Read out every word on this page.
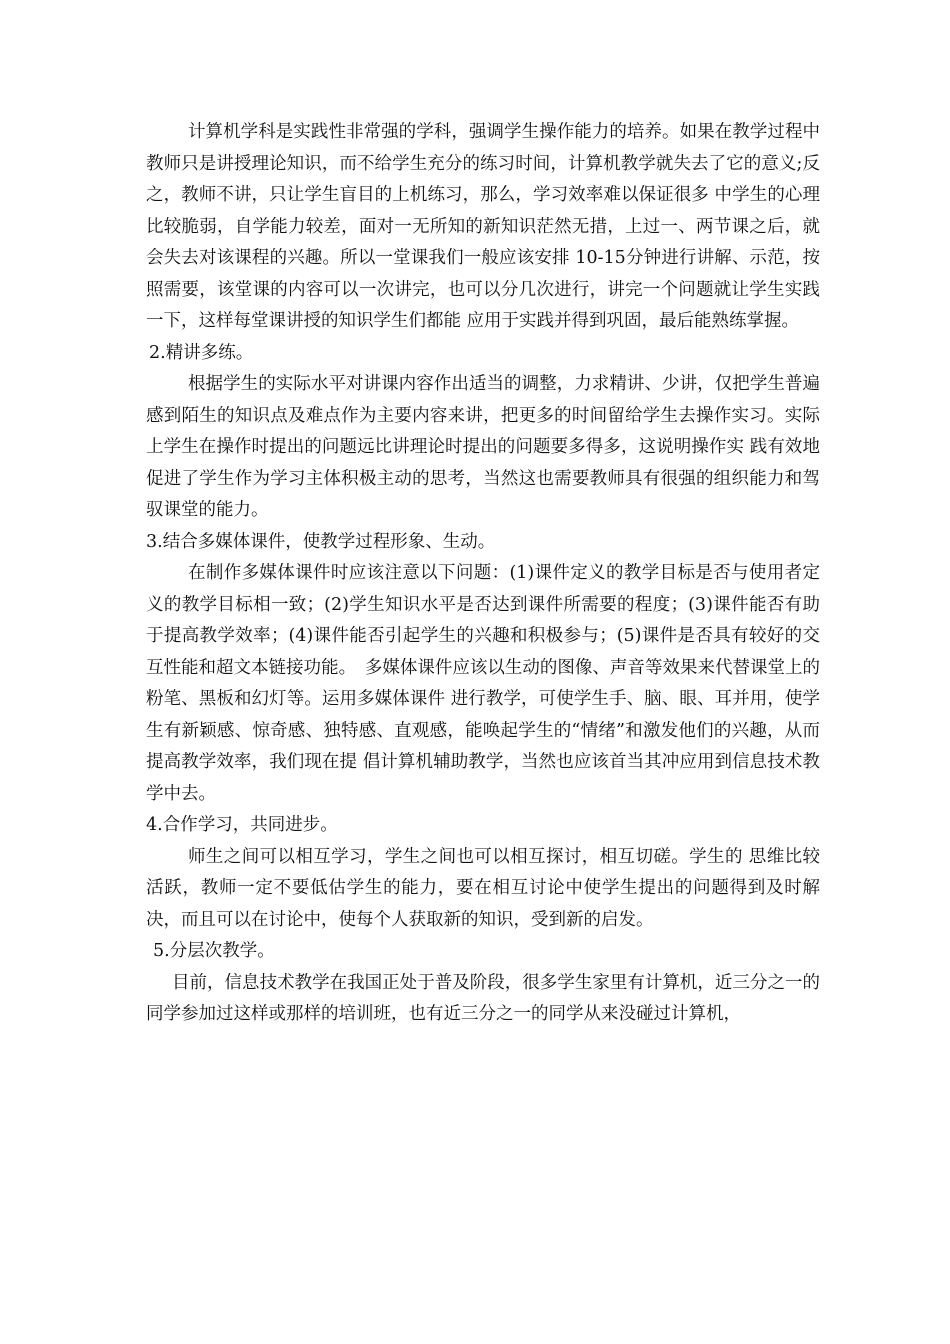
计算机学科是实践性非常强的学科，强调学生操作能力的培养。如果在教学过程中 教师只是讲授理论知识，而不给学生充分的练习时间，计算机教学就失去了它的意义;反之，教师不讲，只让学生盲目的上机练习，那么，学习效率难以保证很多 中学生的心理比较脆弱，自学能力较差，面对一无所知的新知识茫然无措，上过一、两节课之后，就会失去对该课程的兴趣。所以一堂课我们一般应该安排 10-15分钟进行讲解、示范，按照需要，该堂课的内容可以一次讲完，也可以分几次进行，讲完一个问题就让学生实践一下，这样每堂课讲授的知识学生们都能 应用于实践并得到巩固，最后能熟练掌握。

2.精讲多练。

根据学生的实际水平对讲课内容作出适当的调整，力求精讲、少讲，仅把学生普遍 感到陌生的知识点及难点作为主要内容来讲，把更多的时间留给学生去操作实习。实际上学生在操作时提出的问题远比讲理论时提出的问题要多得多，这说明操作实 践有效地促进了学生作为学习主体积极主动的思考，当然这也需要教师具有很强的组织能力和驾驭课堂的能力。

3.结合多媒体课件，使教学过程形象、生动。

在制作多媒体课件时应该注意以下问题：(1)课件定义的教学目标是否与使用者定义的教学目标相一致；(2)学生知识水平是否达到课件所需要的程度；(3)课件能否有助于提高教学效率；(4)课件能否引起学生的兴趣和积极参与；(5)课件是否具有较好的交互性能和超文本链接功能。　多媒体课件应该以生动的图像、声音等效果来代替课堂上的粉笔、黑板和幻灯等。运用多媒体课件 进行教学，可使学生手、脑、眼、耳并用，使学生有新颖感、惊奇感、独特感、直观感，能唤起学生的“情绪”和激发他们的兴趣，从而提高教学效率，我们现在提 倡计算机辅助教学，当然也应该首当其冲应用到信息技术教学中去。

4.合作学习，共同进步。

师生之间可以相互学习，学生之间也可以相互探讨，相互切磋。学生的 思维比较活跃，教师一定不要低估学生的能力，要在相互讨论中使学生提出的问题得到及时解决，而且可以在讨论中，使每个人获取新的知识，受到新的启发。

5.分层次教学。

目前，信息技术教学在我国正处于普及阶段，很多学生家里有计算机，近三分之一的同学参加过这样或那样的培训班，也有近三分之一的同学从来没碰过计算机，
